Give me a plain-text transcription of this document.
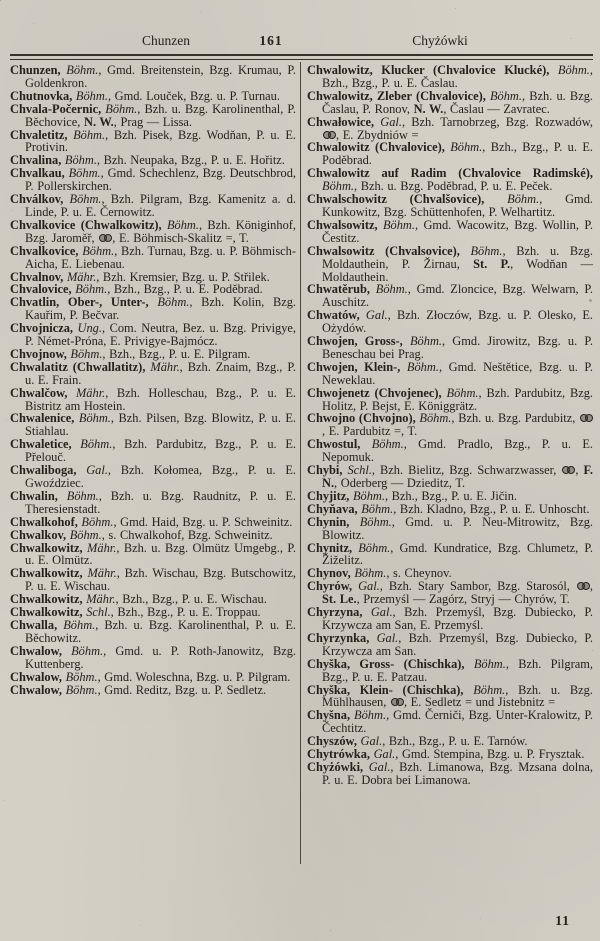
Chunzen	161	Chyżówki

Chunzen, Böhm., Gmd. Breitenstein, Bzg. Krumau, P. Goldenkron.

Chutnovka, Böhm., Gmd. Louček, Bzg. u. P. Turnau.

Chvala-Počernic, Böhm., Bzh. u. Bzg. Karolinenthal, P. Běchovice, N. W., Prag — Lissa.

Chvaletitz, Böhm., Bzh. Pisek, Bzg. Wodňan, P. u. E. Protivin.

Chvalina, Böhm., Bzh. Neupaka, Bzg., P. u. E. Hořitz.

Chvalkau, Böhm., Gmd. Schechlenz, Bzg. Deutschbrod, P. Pollerskirchen.

Chválkov, Böhm., Bzh. Pilgram, Bzg. Kamenitz a. d. Linde, P. u. E. Černowitz.

Chvalkovice (Chwalkowitz), Böhm., Bzh. Königinhof, Bzg. Jaroměř, , E. Böhmisch-Skalitz =, T.

Chvalkovice, Böhm., Bzh. Turnau, Bzg. u. P. Böhmisch-Aicha, E. Liebenau.

Chvalnov, Mähr., Bzh. Kremsier, Bzg. u. P. Střilek.

Chvalovice, Böhm., Bzh., Bzg., P. u. E. Poděbrad.

Chvatlin, Ober-, Unter-, Böhm., Bzh. Kolin, Bzg. Kauřim, P. Bečvar.

Chvojnicza, Ung., Com. Neutra, Bez. u. Bzg. Privigye, P. Német-Próna, E. Privigye-Bajmócz.

Chvojnow, Böhm., Bzh., Bzg., P. u. E. Pilgram.

Chwalatitz (Chwallatitz), Mähr., Bzh. Znaim, Bzg., P. u. E. Frain.

Chwalčow, Mähr., Bzh. Holleschau, Bzg., P. u. E. Bistritz am Hostein.

Chwalenice, Böhm., Bzh. Pilsen, Bzg. Blowitz, P. u. E. Stiahlau.

Chwaletice, Böhm., Bzh. Pardubitz, Bzg., P. u. E. Přelouč.

Chwaliboga, Gal., Bzh. Kołomea, Bzg., P. u. E. Gwoździec.

Chwalin, Böhm., Bzh. u. Bzg. Raudnitz, P. u. E. Theresienstadt.

Chwalkohof, Böhm., Gmd. Haid, Bzg. u. P. Schweinitz.

Chwalkov, Böhm., s. Chwalkohof, Bzg. Schweinitz.

Chwalkowitz, Mähr., Bzh. u. Bzg. Olmütz Umgebg., P. u. E. Olmütz.

Chwalkowitz, Mähr., Bzh. Wischau, Bzg. Butschowitz, P. u. E. Wischau.

Chwalkowitz, Mähr., Bzh., Bzg., P. u. E. Wischau.

Chwalkowitz, Schl., Bzh., Bzg., P. u. E. Troppau.

Chwalla, Böhm., Bzh. u. Bzg. Karolinenthal, P. u. E. Běchowitz.

Chwalow, Böhm., Gmd. u. P. Roth-Janowitz, Bzg. Kuttenberg.

Chwalow, Böhm., Gmd. Woleschna, Bzg. u. P. Pilgram.

Chwalow, Böhm., Gmd. Reditz, Bzg. u. P. Sedletz.

Chwalowitz, Klucker (Chvalovice Klucké), Böhm., Bzh., Bzg., P. u. E. Časlau.

Chwalowitz, Zleber (Chvalovice), Böhm., Bzh. u. Bzg. Časlau, P. Ronov, N. W., Časlau — Zavratec.

Chwałowice, Gal., Bzh. Tarnobrzeg, Bzg. Rozwadów, , E. Zbydniów =

Chwalowitz (Chvalovice), Böhm., Bzh., Bzg., P. u. E. Poděbrad.

Chwalowitz auf Radim (Chvalovice Radimské), Böhm., Bzh. u. Bzg. Poděbrad, P. u. E. Peček.

Chwalschowitz (Chvalšovice), Böhm., Gmd. Kunkowitz, Bzg. Schüttenhofen, P. Welhartitz.

Chwalsowitz, Böhm., Gmd. Wacowitz, Bzg. Wollin, P. Čestitz.

Chwalsowitz (Chvalsovice), Böhm., Bzh. u. Bzg. Moldauthein, P. Žirnau, St. P., Wodňan — Moldauthein.

Chwatěrub, Böhm., Gmd. Zloncice, Bzg. Welwarn, P. Auschitz.

Chwatów, Gal., Bzh. Złoczów, Bzg. u. P. Olesko, E. Ożydów.

Chwojen, Gross-, Böhm., Gmd. Jirowitz, Bzg. u. P. Beneschau bei Prag.

Chwojen, Klein-, Böhm., Gmd. Neštětice, Bzg. u. P. Neweklau.

Chwojenetz (Chvojenec), Böhm., Bzh. Pardubitz, Bzg. Holitz, P. Bejst, E. Königgrätz.

Chwojno (Chvojno), Böhm., Bzh. u. Bzg. Pardubitz, , E. Pardubitz =, T.

Chwostul, Böhm., Gmd. Pradlo, Bzg., P. u. E. Nepomuk.

Chybi, Schl., Bzh. Bielitz, Bzg. Schwarzwasser, , F. N., Oderberg — Dzieditz, T.

Chyjitz, Böhm., Bzh., Bzg., P. u. E. Jičin.

Chyňava, Böhm., Bzh. Kladno, Bzg., P. u. E. Unhoscht.

Chynin, Böhm., Gmd. u. P. Neu-Mitrowitz, Bzg. Blowitz.

Chynitz, Böhm., Gmd. Kundratice, Bzg. Chlumetz, P. Žiželitz.

Chynov, Böhm., s. Cheynov.

Chyrów, Gal., Bzh. Stary Sambor, Bzg. Starosól, , St. Le., Przemyśl — Zagórz, Stryj — Chyrów, T.

Chyrzyna, Gal., Bzh. Przemyśl, Bzg. Dubiecko, P. Krzywcza am San, E. Przemyśl.

Chyrzynka, Gal., Bzh. Przemyśl, Bzg. Dubiecko, P. Krzywcza am San.

Chyška, Gross- (Chischka), Böhm., Bzh. Pilgram, Bzg., P. u. E. Patzau.

Chyška, Klein- (Chischka), Böhm., Bzh. u. Bzg. Mühlhausen, , E. Sedletz = und Jistebnitz =

Chyšna, Böhm., Gmd. Černiči, Bzg. Unter-Kralowitz, P. Čechtitz.

Chyszów, Gal., Bzh., Bzg., P. u. E. Tarnów.

Chytrówka, Gal., Gmd. Stempina, Bzg. u. P. Frysztak.

Chyżówki, Gal., Bzh. Limanowa, Bzg. Mzsana dolna, P. u. E. Dobra bei Limanowa.

11
